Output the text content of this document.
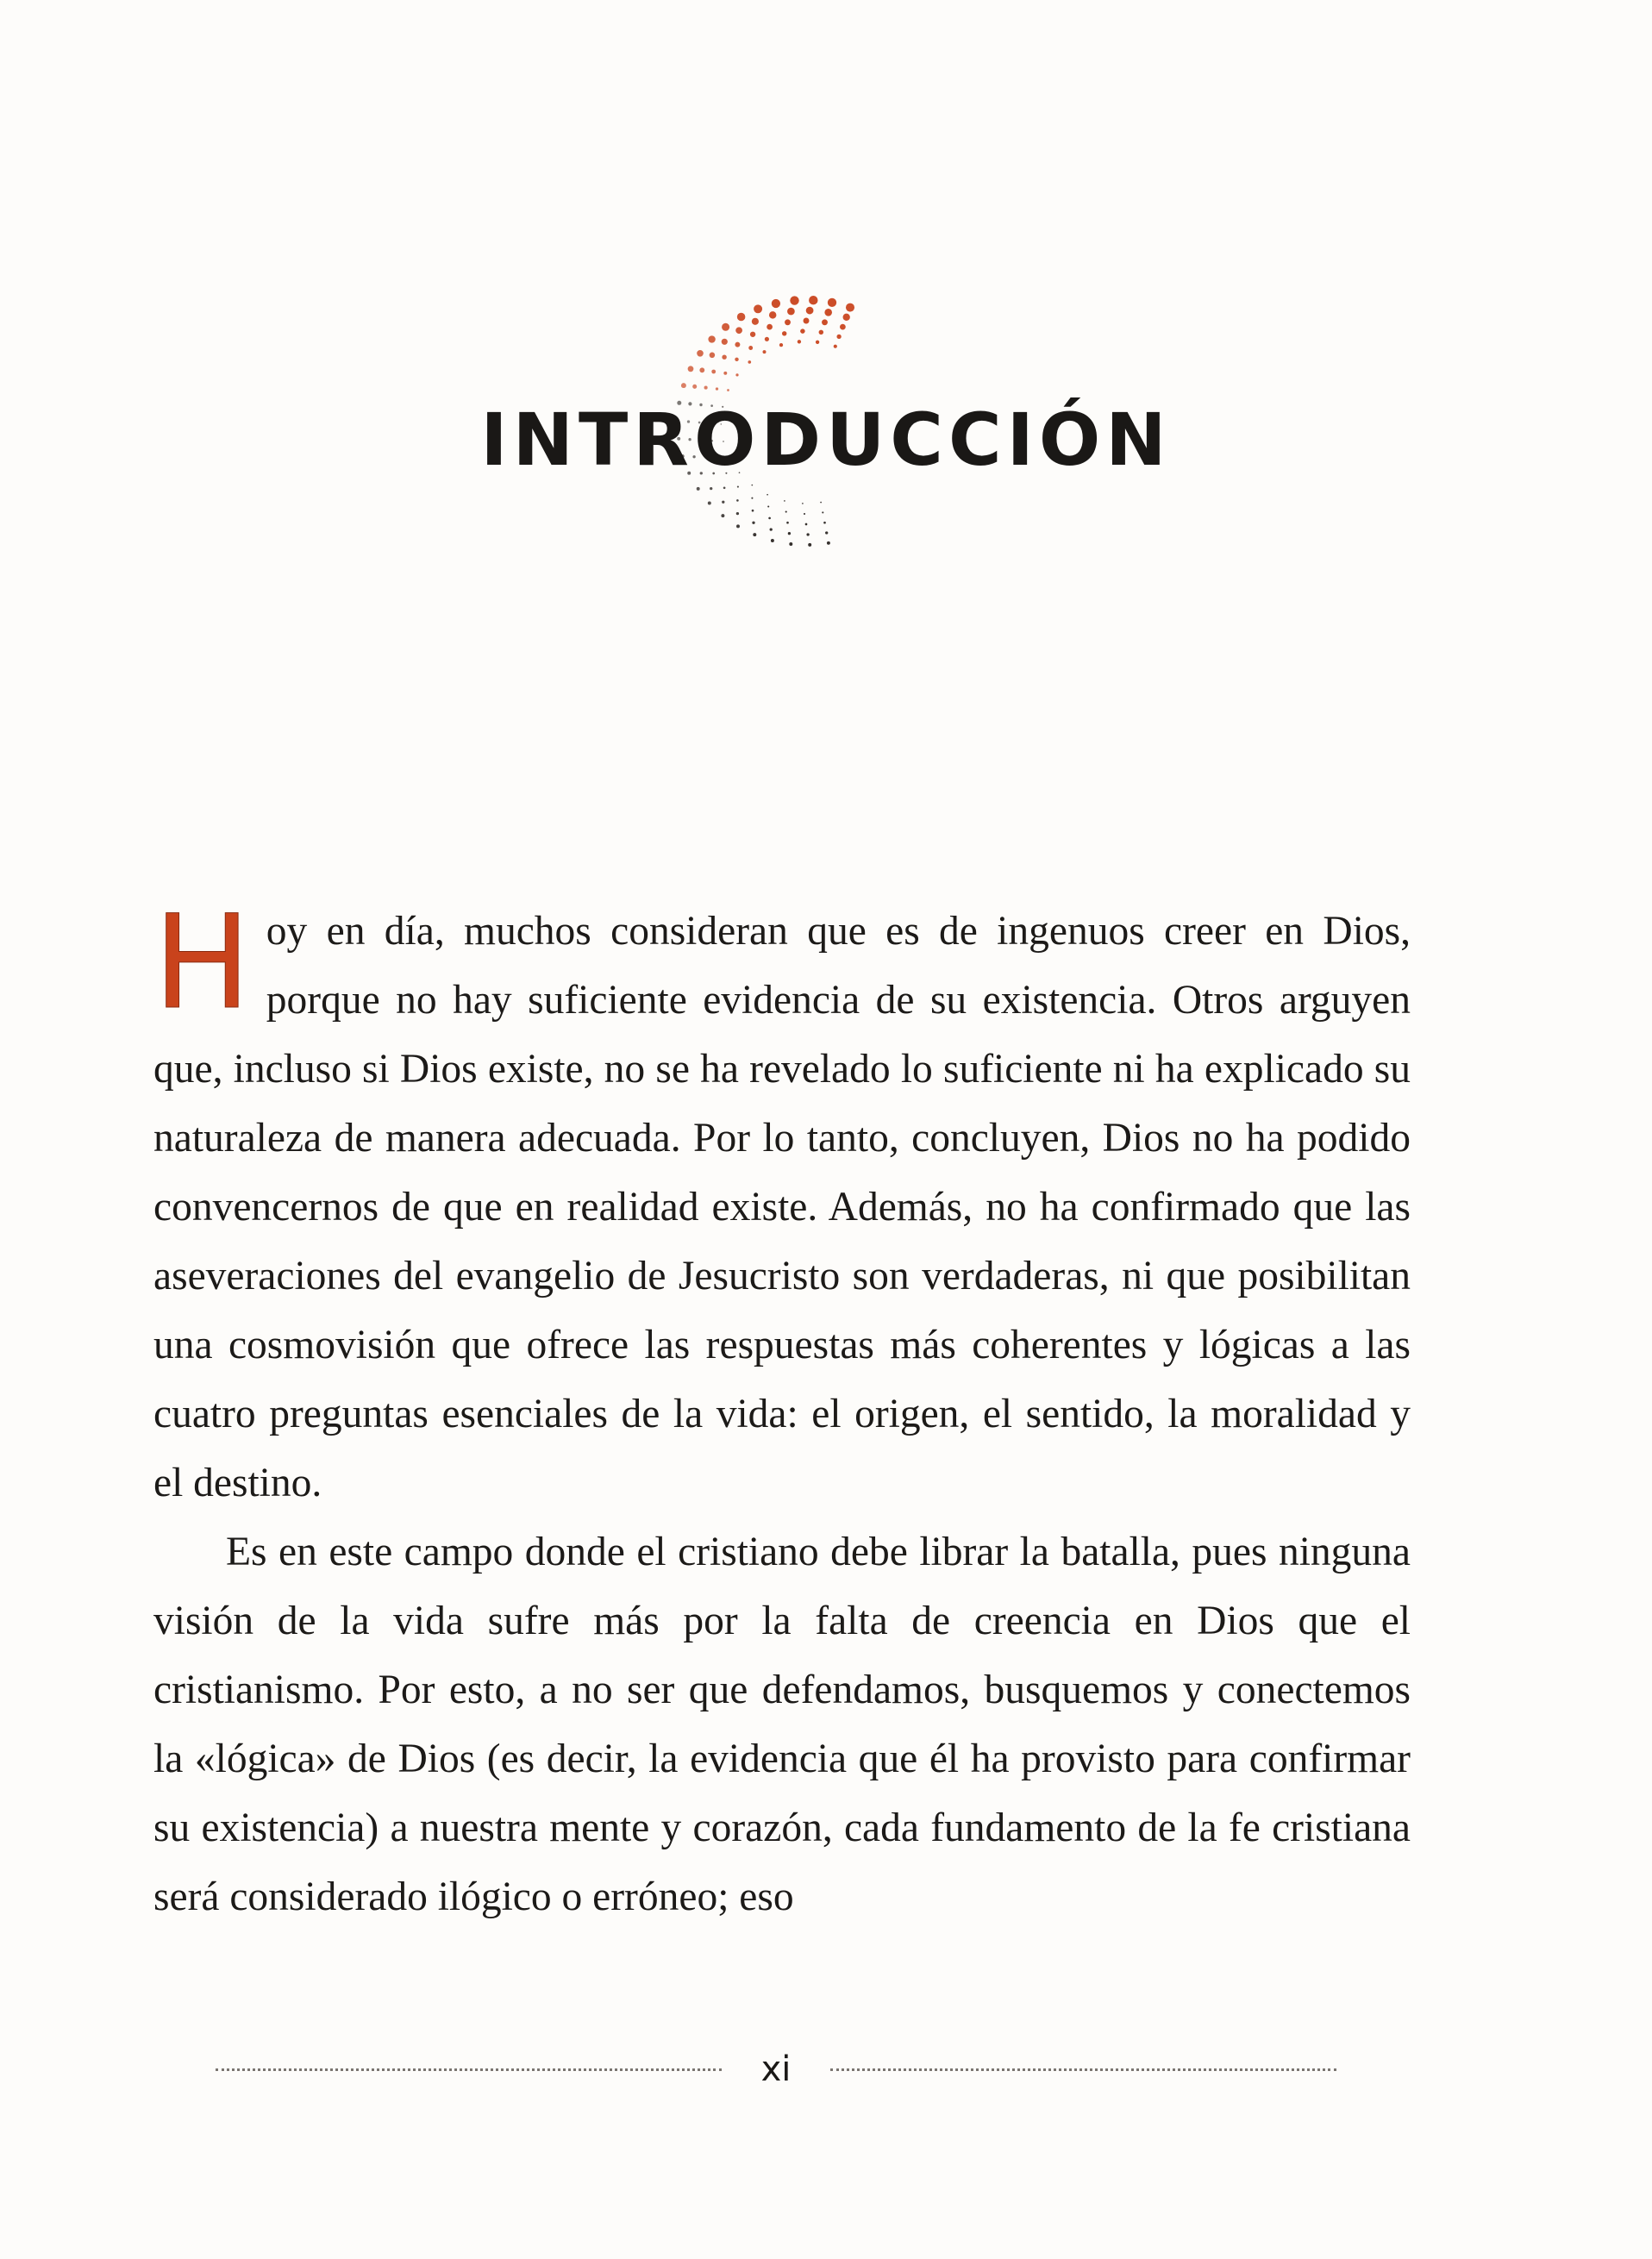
INTRODUCCIÓN

Hoy en día, muchos consideran que es de ingenuos creer en Dios, porque no hay suficiente evidencia de su existencia. Otros arguyen que, incluso si Dios existe, no se ha revelado lo suficiente ni ha explicado su naturaleza de manera adecuada. Por lo tanto, concluyen, Dios no ha podido convencernos de que en realidad existe. Además, no ha confirmado que las aseveraciones del evangelio de Jesucristo son verdaderas, ni que posibilitan una cosmovisión que ofrece las respuestas más coherentes y lógicas a las cuatro preguntas esenciales de la vida: el origen, el sentido, la moralidad y el destino.

Es en este campo donde el cristiano debe librar la batalla, pues ninguna visión de la vida sufre más por la falta de creencia en Dios que el cristianismo. Por esto, a no ser que defendamos, busquemos y conectemos la «lógica» de Dios (es decir, la evidencia que él ha provisto para confirmar su existencia) a nuestra mente y corazón, cada fundamento de la fe cristiana será considerado ilógico o erróneo; eso

xi
